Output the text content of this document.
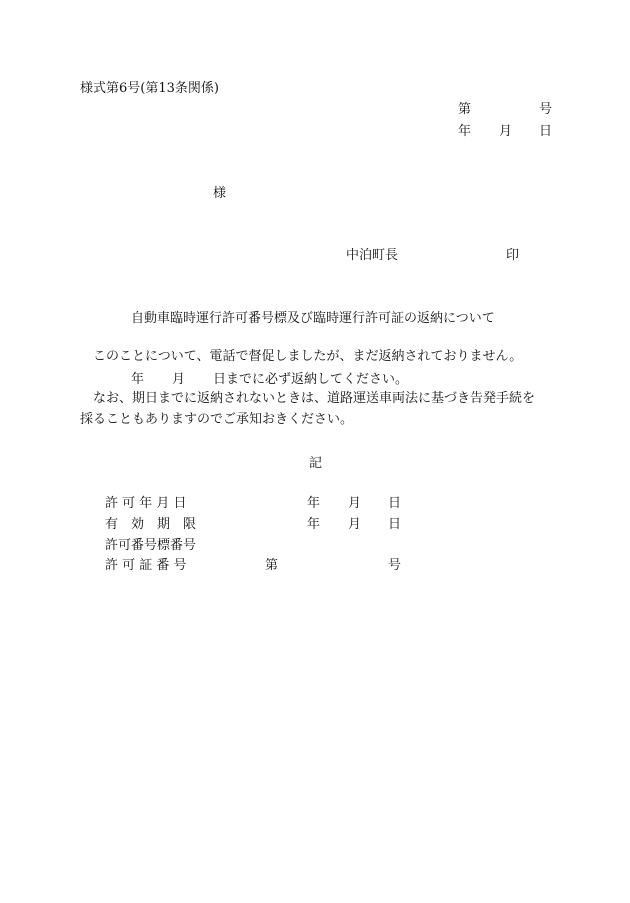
様式第6号(第13条関係)
第	号
年 月 日
様
中泊町長	印
自動車臨時運行許可番号標及び臨時運行許可証の返納について
このことについて、電話で督促しましたが、まだ返納されておりません。
年 月 日までに必ず返納してください。
なお、期日までに返納されないときは、道路運送車両法に基づき告発手続を
採ることもありますのでご承知おきください。
記
許 可 年 月 日	年 月 日
有　効　期　限	年 月 日
許可番号標番号
許 可 証 番 号	第	号
